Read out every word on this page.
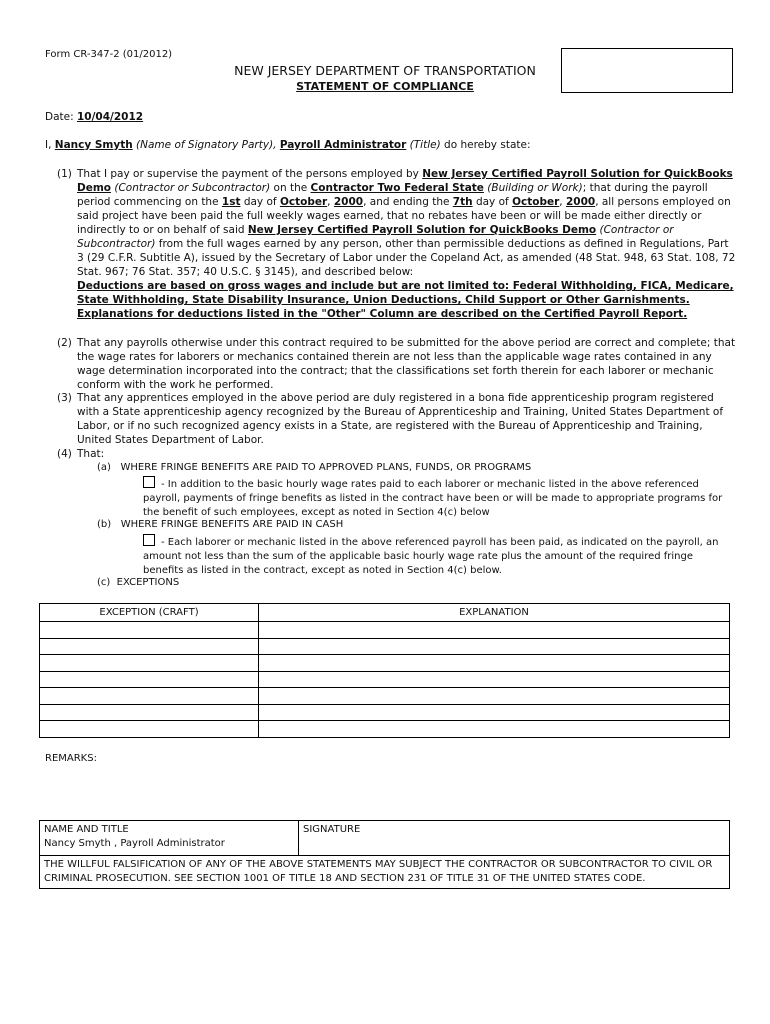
Form CR-347-2 (01/2012)
NEW JERSEY DEPARTMENT OF TRANSPORTATION
STATEMENT OF COMPLIANCE
Date: 10/04/2012
I, Nancy Smyth (Name of Signatory Party), Payroll Administrator (Title) do hereby state:
(1) That I pay or supervise the payment of the persons employed by New Jersey Certified Payroll Solution for QuickBooks Demo (Contractor or Subcontractor) on the Contractor Two Federal State (Building or Work); that during the payroll period commencing on the 1st day of October, 2000, and ending the 7th day of October, 2000, all persons employed on said project have been paid the full weekly wages earned, that no rebates have been or will be made either directly or indirectly to or on behalf of said New Jersey Certified Payroll Solution for QuickBooks Demo (Contractor or Subcontractor) from the full wages earned by any person, other than permissible deductions as defined in Regulations, Part 3 (29 C.F.R. Subtitle A), issued by the Secretary of Labor under the Copeland Act, as amended (48 Stat. 948, 63 Stat. 108, 72 Stat. 967; 76 Stat. 357; 40 U.S.C. § 3145), and described below:
Deductions are based on gross wages and include but are not limited to: Federal Withholding, FICA, Medicare, State Withholding, State Disability Insurance, Union Deductions, Child Support or Other Garnishments. Explanations for deductions listed in the "Other" Column are described on the Certified Payroll Report.
(2) That any payrolls otherwise under this contract required to be submitted for the above period are correct and complete; that the wage rates for laborers or mechanics contained therein are not less than the applicable wage rates contained in any wage determination incorporated into the contract; that the classifications set forth therein for each laborer or mechanic conform with the work he performed.
(3) That any apprentices employed in the above period are duly registered in a bona fide apprenticeship program registered with a State apprenticeship agency recognized by the Bureau of Apprenticeship and Training, United States Department of Labor, or if no such recognized agency exists in a State, are registered with the Bureau of Apprenticeship and Training, United States Department of Labor.
(4) That:
(a) WHERE FRINGE BENEFITS ARE PAID TO APPROVED PLANS, FUNDS, OR PROGRAMS
- In addition to the basic hourly wage rates paid to each laborer or mechanic listed in the above referenced payroll, payments of fringe benefits as listed in the contract have been or will be made to appropriate programs for the benefit of such employees, except as noted in Section 4(c) below
(b) WHERE FRINGE BENEFITS ARE PAID IN CASH
- Each laborer or mechanic listed in the above referenced payroll has been paid, as indicated on the payroll, an amount not less than the sum of the applicable basic hourly wage rate plus the amount of the required fringe benefits as listed in the contract, except as noted in Section 4(c) below.
(c) EXCEPTIONS
EXCEPTION (CRAFT)	EXPLANATION

REMARKS:
NAME AND TITLE
Nancy Smyth , Payroll Administrator

SIGNATURE

THE WILLFUL FALSIFICATION OF ANY OF THE ABOVE STATEMENTS MAY SUBJECT THE CONTRACTOR OR SUBCONTRACTOR TO CIVIL OR CRIMINAL PROSECUTION. SEE SECTION 1001 OF TITLE 18 AND SECTION 231 OF TITLE 31 OF THE UNITED STATES CODE.
